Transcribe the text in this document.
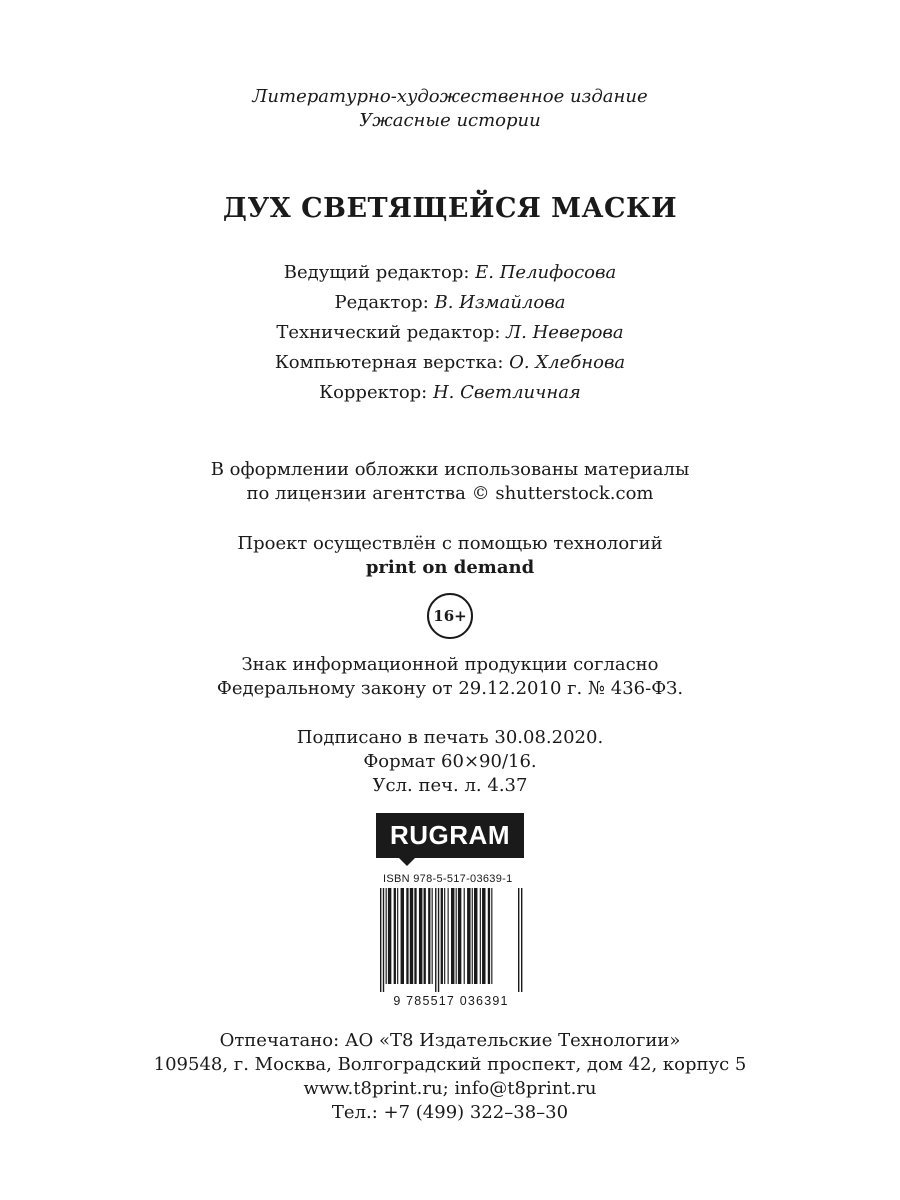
Литературно-художественное издание
Ужасные истории
ДУХ СВЕТЯЩЕЙСЯ МАСКИ
Ведущий редактор: Е. Пелифосова
Редактор: В. Измайлова
Технический редактор: Л. Неверова
Компьютерная верстка: О. Хлебнова
Корректор: Н. Светличная
В оформлении обложки использованы материалы
по лицензии агентства © shutterstock.com
Проект осуществлён с помощью технологий
print on demand
16+
Знак информационной продукции согласно
Федеральному закону от 29.12.2010 г. № 436-ФЗ.
Подписано в печать 30.08.2020.
Формат 60×90/16.
Усл. печ. л. 4.37
RUGRAM
ISBN 978-5-517-03639-1
9 785517 036391
Отпечатано: АО «Т8 Издательские Технологии»
109548, г. Москва, Волгоградский проспект, дом 42, корпус 5
www.t8print.ru; info@t8print.ru
Тел.: +7 (499) 322–38–30
